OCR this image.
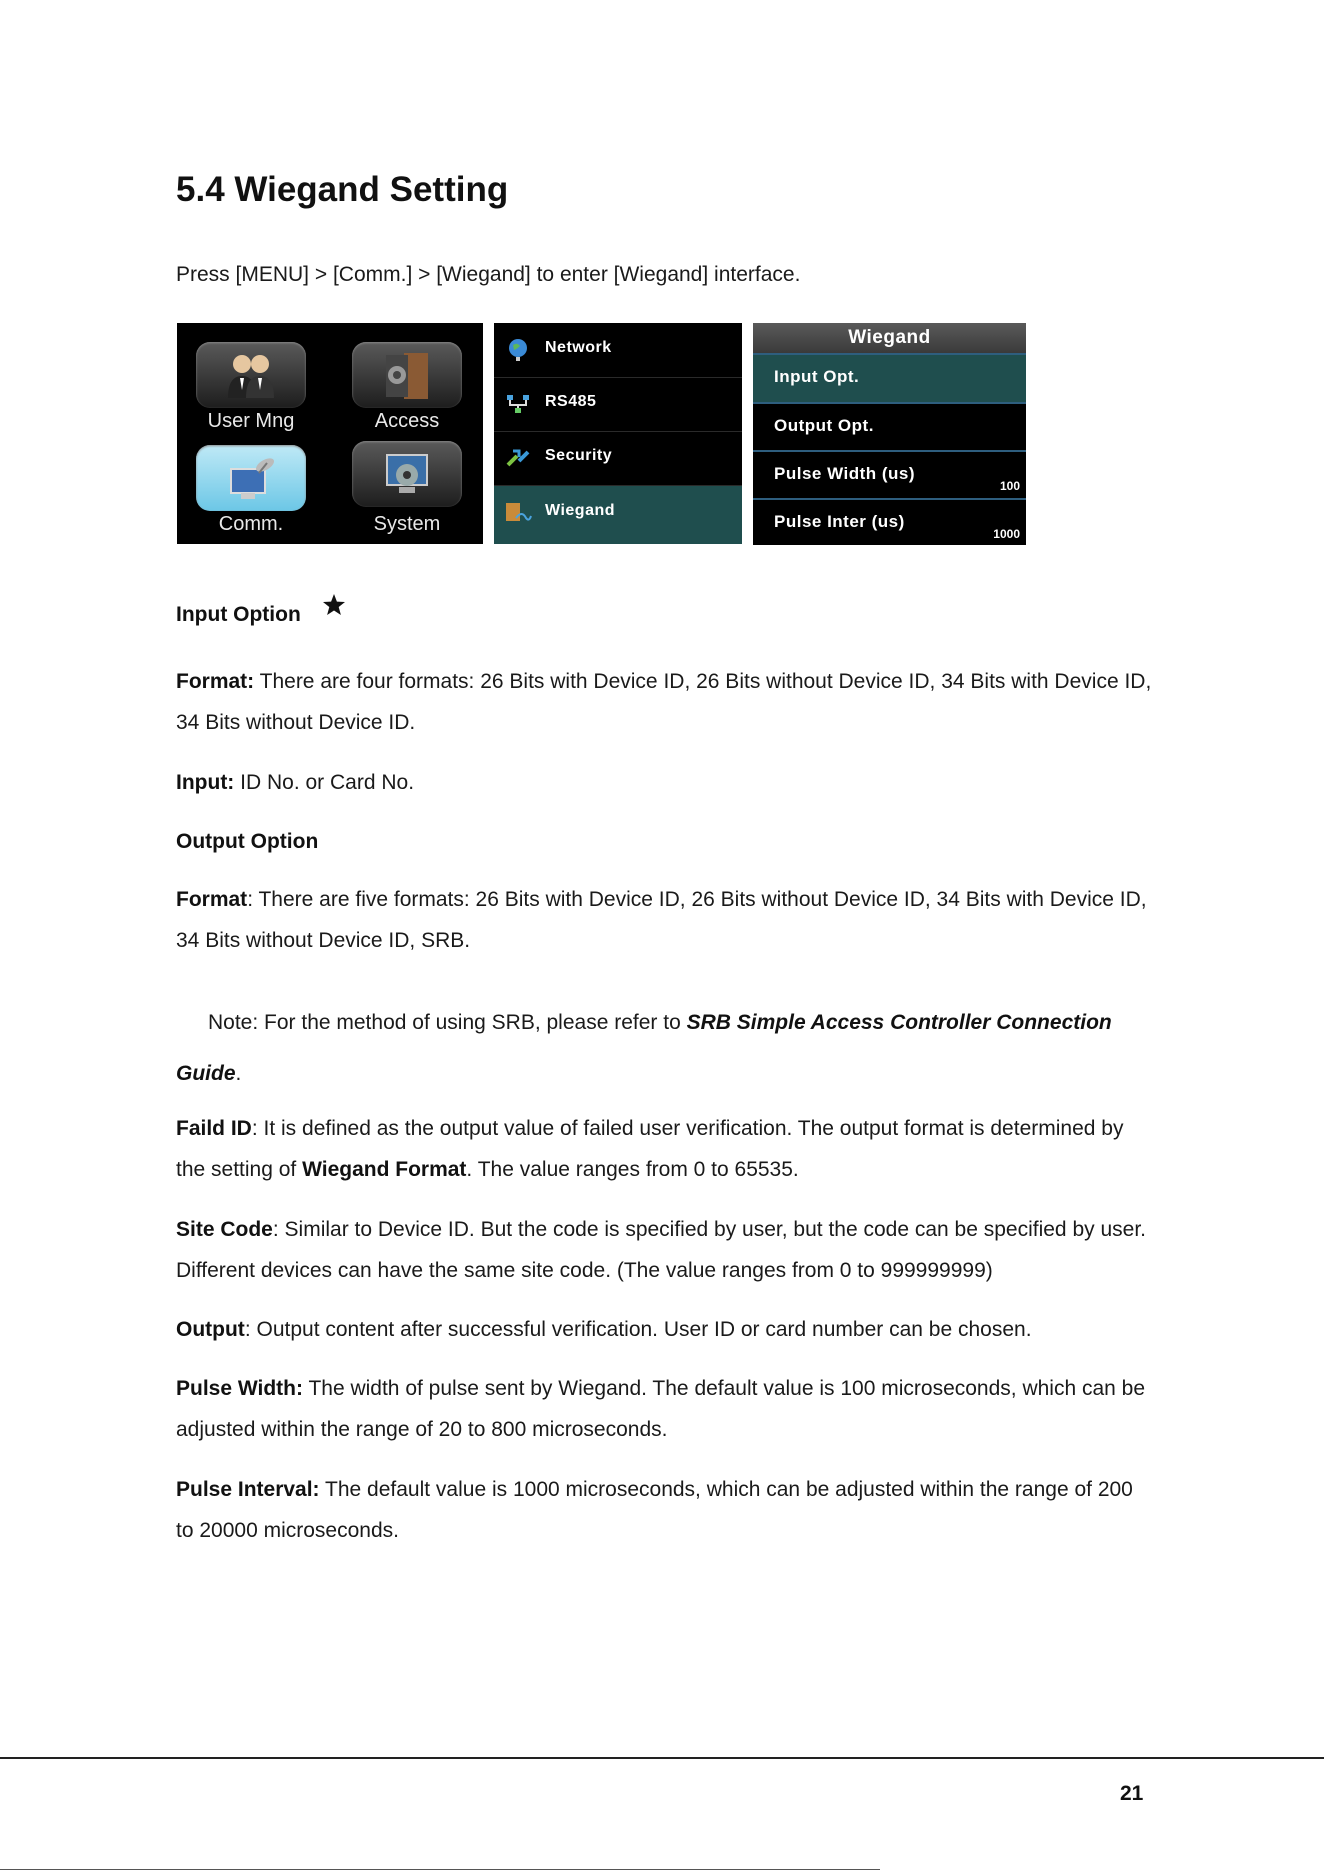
5.4 Wiegand Setting
Press [MENU] > [Comm.] > [Wiegand] to enter [Wiegand] interface.
User Mng	Access
Comm.	System
Network
RS485
Security
Wiegand
Wiegand
Input Opt.
Output Opt.
Pulse Width (us)
100
Pulse Inter (us)
1000
Input Option
Format: There are four formats: 26 Bits with Device ID, 26 Bits without Device ID, 34 Bits with Device ID, 34 Bits without Device ID.
Input: ID No. or Card No.
Output Option
Format: There are five formats: 26 Bits with Device ID, 26 Bits without Device ID, 34 Bits with Device ID, 34 Bits without Device ID, SRB.
Note: For the method of using SRB, please refer to SRB Simple Access Controller Connection Guide.
Faild ID: It is defined as the output value of failed user verification. The output format is determined by the setting of Wiegand Format. The value ranges from 0 to 65535.
Site Code: Similar to Device ID. But the code is specified by user, but the code can be specified by user. Different devices can have the same site code. (The value ranges from 0 to 999999999)
Output: Output content after successful verification. User ID or card number can be chosen.
Pulse Width: The width of pulse sent by Wiegand. The default value is 100 microseconds, which can be adjusted within the range of 20 to 800 microseconds.
Pulse Interval: The default value is 1000 microseconds, which can be adjusted within the range of 200 to 20000 microseconds.
21
